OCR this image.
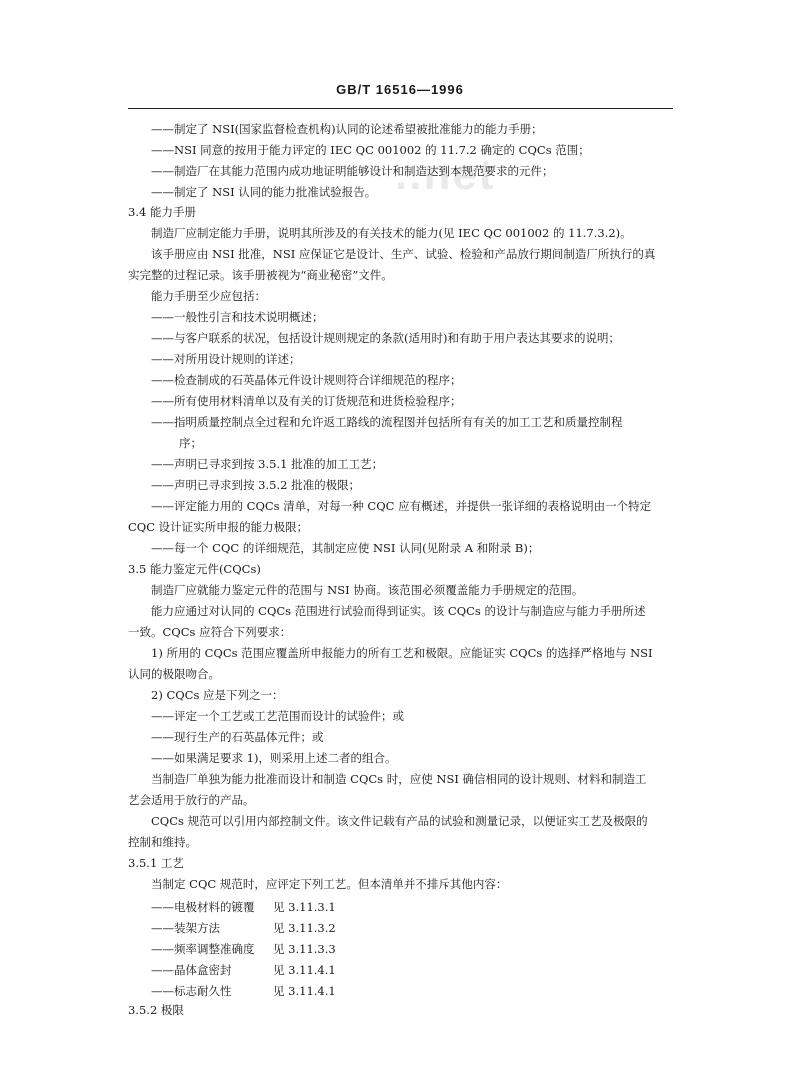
GB/T 16516—1996
..net
——制定了 NSI(国家监督检查机构)认同的论述希望被批准能力的能力手册；
——NSI 同意的按用于能力评定的 IEC QC 001002 的 11.7.2 确定的 CQCs 范围；
——制造厂在其能力范围内成功地证明能够设计和制造达到本规范要求的元件；
——制定了 NSI 认同的能力批准试验报告。
3.4 能力手册
制造厂应制定能力手册，说明其所涉及的有关技术的能力(见 IEC QC 001002 的 11.7.3.2)。
该手册应由 NSI 批准，NSI 应保证它是设计、生产、试验、检验和产品放行期间制造厂所执行的真
实完整的过程记录。该手册被视为“商业秘密”文件。
能力手册至少应包括：
——一般性引言和技术说明概述；
——与客户联系的状况，包括设计规则规定的条款(适用时)和有助于用户表达其要求的说明；
——对所用设计规则的详述；
——检查制成的石英晶体元件设计规则符合详细规范的程序；
——所有使用材料清单以及有关的订货规范和进货检验程序；
——指明质量控制点全过程和允许返工路线的流程图并包括所有有关的加工工艺和质量控制程
序；
——声明已寻求到按 3.5.1 批准的加工工艺；
——声明已寻求到按 3.5.2 批准的极限；
——评定能力用的 CQCs 清单，对每一种 CQC 应有概述，并提供一张详细的表格说明由一个特定
CQC 设计证实所申报的能力极限；
——每一个 CQC 的详细规范，其制定应使 NSI 认同(见附录 A 和附录 B)；
3.5 能力鉴定元件(CQCs)
制造厂应就能力鉴定元件的范围与 NSI 协商。该范围必须覆盖能力手册规定的范围。
能力应通过对认同的 CQCs 范围进行试验而得到证实。该 CQCs 的设计与制造应与能力手册所述
一致。CQCs 应符合下列要求：
1) 所用的 CQCs 范围应覆盖所申报能力的所有工艺和极限。应能证实 CQCs 的选择严格地与 NSI
认同的极限吻合。
2) CQCs 应是下列之一：
——评定一个工艺或工艺范围而设计的试验件；或
——现行生产的石英晶体元件；或
——如果满足要求 1)，则采用上述二者的组合。
当制造厂单独为能力批准而设计和制造 CQCs 时，应使 NSI 确信相同的设计规则、材料和制造工
艺会适用于放行的产品。
CQCs 规范可以引用内部控制文件。该文件记载有产品的试验和测量记录，以便证实工艺及极限的
控制和维持。
3.5.1 工艺
当制定 CQC 规范时，应评定下列工艺。但本清单并不排斥其他内容：
——电极材料的镀覆	见 3.11.3.1
——装架方法	见 3.11.3.2
——频率调整准确度	见 3.11.3.3
——晶体盒密封	见 3.11.4.1
——标志耐久性	见 3.11.4.1
3.5.2 极限
